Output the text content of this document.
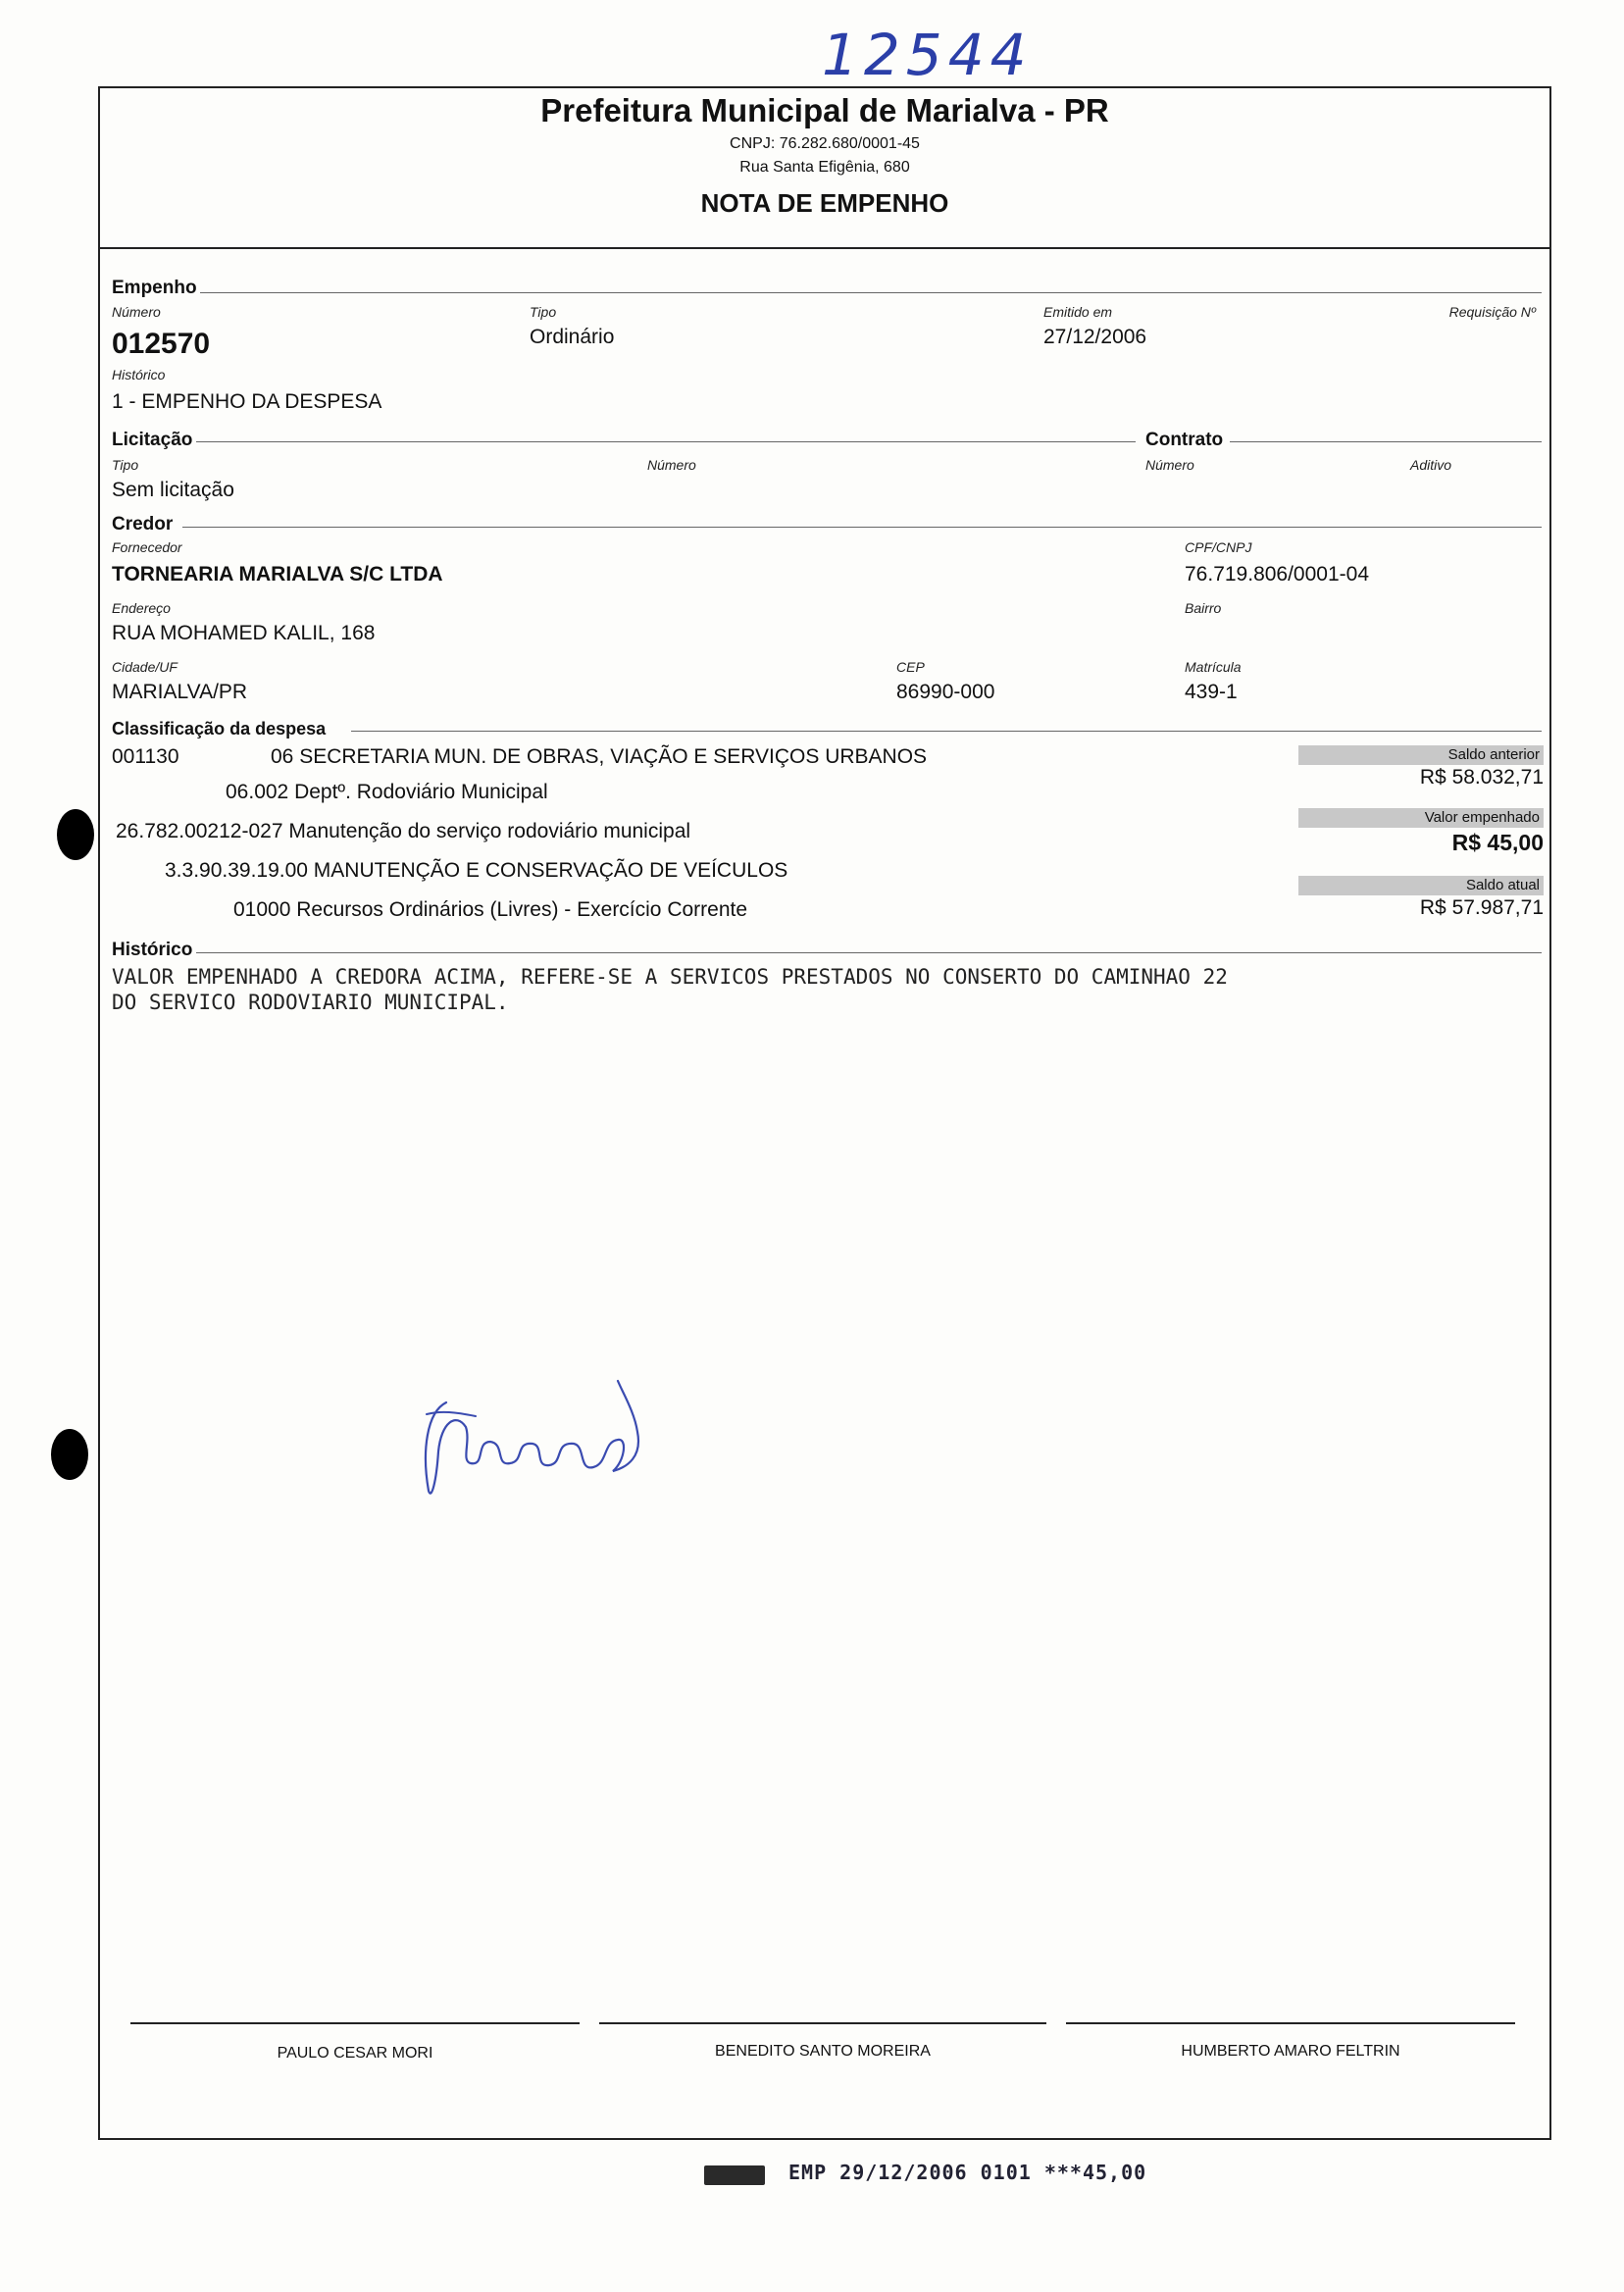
12544
Prefeitura Municipal de Marialva - PR
CNPJ: 76.282.680/0001-45
Rua Santa Efigênia, 680
NOTA DE EMPENHO
Empenho
Número
012570
Tipo
Ordinário
Emitido em
27/12/2006
Requisição Nº
Histórico
1 - EMPENHO DA DESPESA
Licitação	Contrato
Tipo
Sem licitação
Número	Número	Aditivo
Credor
Fornecedor
TORNEARIA MARIALVA S/C LTDA
CPF/CNPJ
76.719.806/0001-04
Endereço
RUA MOHAMED KALIL, 168
Bairro
Cidade/UF
MARIALVA/PR
CEP
86990-000
Matrícula
439-1
Classificação da despesa
001130	06 SECRETARIA MUN. DE OBRAS, VIAÇÃO E SERVIÇOS URBANOS
06.002 Deptº. Rodoviário Municipal
26.782.00212-027 Manutenção do serviço rodoviário municipal
3.3.90.39.19.00 MANUTENÇÃO E CONSERVAÇÃO DE VEÍCULOS
01000 Recursos Ordinários (Livres) - Exercício Corrente
Saldo anterior
R$ 58.032,71
Valor empenhado
R$ 45,00
Saldo atual
R$ 57.987,71
Histórico
VALOR EMPENHADO A CREDORA ACIMA, REFERE-SE A SERVICOS PRESTADOS NO CONSERTO DO CAMINHAO 22
DO SERVICO RODOVIARIO MUNICIPAL.
PAULO CESAR MORI	BENEDITO SANTO MOREIRA	HUMBERTO AMARO FELTRIN
EMP 29/12/2006 0101 ***45,00
